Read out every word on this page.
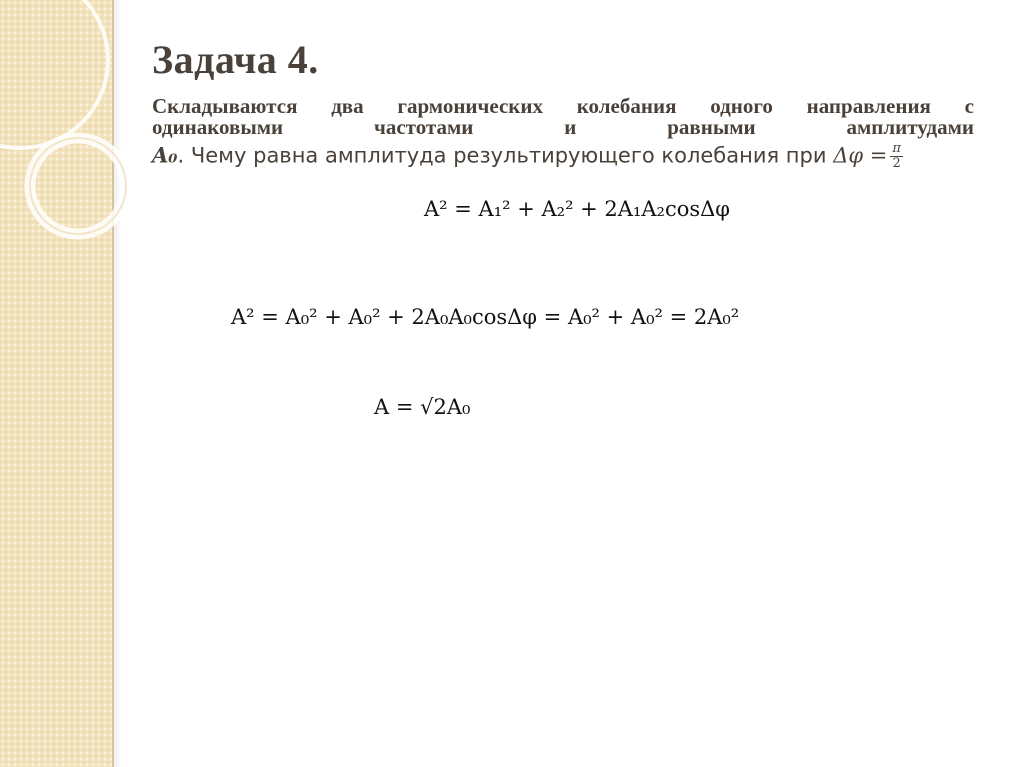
Задача 4.

Складываются два гармонических колебания одного направления с
одинаковыми частотами и равными амплитудами
A₀. Чему равна амплитуда результирующего колебания при $\Delta\varphi = \frac{\pi}{2}$

A² = A₁² + A₂² + 2A₁A₂cosΔφ
A² = A₀² + A₀² + 2A₀A₀cosΔφ = A₀² + A₀² = 2A₀²
A = √2A₀
